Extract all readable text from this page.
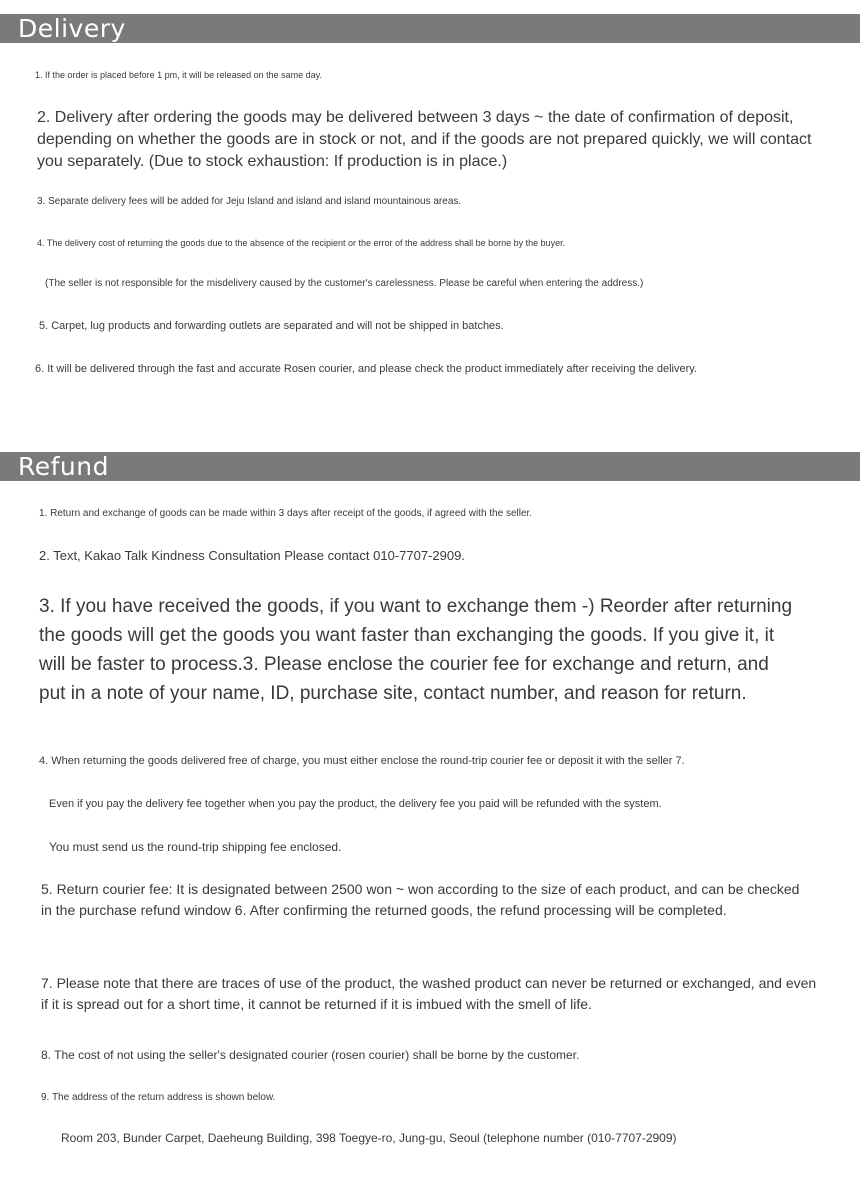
Delivery

1. If the order is placed before 1 pm, it will be released on the same day.

2. Delivery after ordering the goods may be delivered between 3 days ~ the date of confirmation of deposit, depending on whether the goods are in stock or not, and if the goods are not prepared quickly, we will contact you separately. (Due to stock exhaustion: If production is in place.)

3. Separate delivery fees will be added for Jeju Island and island and island mountainous areas.

4. The delivery cost of returning the goods due to the absence of the recipient or the error of the address shall be borne by the buyer.

(The seller is not responsible for the misdelivery caused by the customer's carelessness. Please be careful when entering the address.)

5. Carpet, lug products and forwarding outlets are separated and will not be shipped in batches.

6. It will be delivered through the fast and accurate Rosen courier, and please check the product immediately after receiving the delivery.

Refund

1. Return and exchange of goods can be made within 3 days after receipt of the goods, if agreed with the seller.

2. Text, Kakao Talk Kindness Consultation Please contact 010-7707-2909.

3. If you have received the goods, if you want to exchange them -) Reorder after returning the goods will get the goods you want faster than exchanging the goods. If you give it, it will be faster to process.3. Please enclose the courier fee for exchange and return, and put in a note of your name, ID, purchase site, contact number, and reason for return.

4. When returning the goods delivered free of charge, you must either enclose the round-trip courier fee or deposit it with the seller 7.

Even if you pay the delivery fee together when you pay the product, the delivery fee you paid will be refunded with the system.

You must send us the round-trip shipping fee enclosed.

5. Return courier fee: It is designated between 2500 won ~ won according to the size of each product, and can be checked in the purchase refund window 6. After confirming the returned goods, the refund processing will be completed.

7. Please note that there are traces of use of the product, the washed product can never be returned or exchanged, and even if it is spread out for a short time, it cannot be returned if it is imbued with the smell of life.

8. The cost of not using the seller's designated courier (rosen courier) shall be borne by the customer.

9. The address of the return address is shown below.

Room 203, Bunder Carpet, Daeheung Building, 398 Toegye-ro, Jung-gu, Seoul (telephone number (010-7707-2909)
